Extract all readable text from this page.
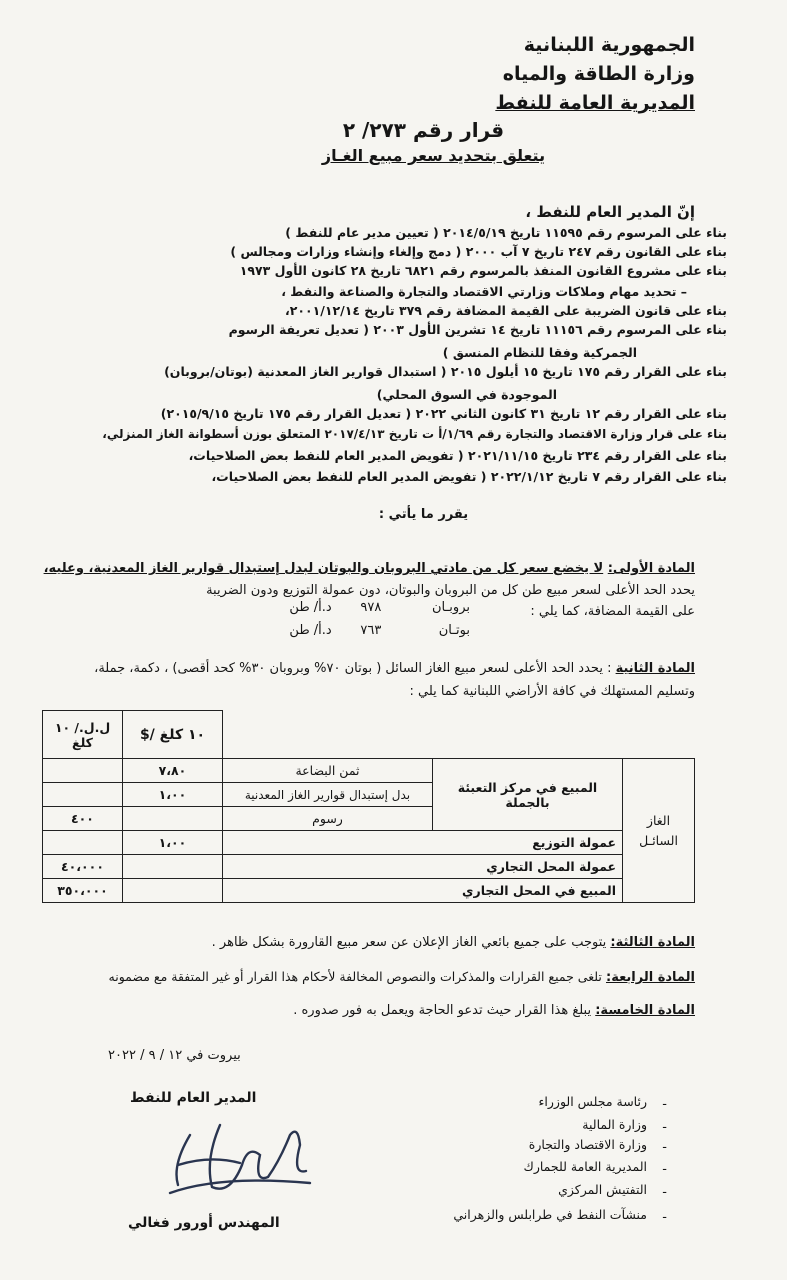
الجمهورية اللبنانية
وزارة الطاقة والمياه
المديرية العامة للنفط
قرار رقم ٢٧٣/ ٢
يتعلق بتحديد سعر مبيع الغـاز
إنّ المدير العام للنفط ،
بناء على المرسوم رقم ١١٥٩٥ تاريخ ٢٠١٤/٥/١٩ ( تعيين مدير عام للنفط )
بناء على القانون رقم ٢٤٧ تاريخ ٧ آب ٢٠٠٠ ( دمج وإلغاء وإنشاء وزارات ومجالس )
بناء على مشروع القانون المنفذ بالمرسوم رقم ٦٨٢١ تاريخ ٢٨ كانون الأول ١٩٧٣
– تحديد مهام وملاكات وزارتي الاقتصاد والتجارة والصناعة والنفط ،
بناء على قانون الضريبة على القيمة المضافة رقم ٣٧٩ تاريخ ٢٠٠١/١٢/١٤،
بناء على المرسوم رقم ١١١٥٦ تاريخ ١٤ تشرين الأول ٢٠٠٣ ( تعديل تعريفة الرسوم
الجمركية وفقا للنظام المنسق )
بناء على القرار رقم ١٧٥ تاريخ ١٥ أيلول ٢٠١٥ ( استبدال قوارير الغاز المعدنية (بوتان/بروبان)
الموجودة في السوق المحلي)
بناء على القرار رقم ١٢ تاريخ ٣١ كانون الثاني ٢٠٢٢ ( تعديل القرار رقم ١٧٥ تاريخ ٢٠١٥/٩/١٥)
بناء على قرار وزارة الاقتصاد والتجارة رقم ١/٦٩/أ ت تاريخ ٢٠١٧/٤/١٣ المتعلق بوزن أسطوانة الغاز المنزلي،
بناء على القرار رقم ٢٣٤ تاريخ ٢٠٢١/١١/١٥ ( تفويض المدير العام للنفط بعض الصلاحيات،
بناء على القرار رقم ٧ تاريخ ٢٠٢٢/١/١٢ ( تفويض المدير العام للنفط بعض الصلاحيات،
يقرر ما يأتي :
المادة الأولى: لا يخضع سعر كل من مادتي البروبان والبوتان لبدل إستبدال قوارير الغاز المعدنية، وعليه،
يحدد الحد الأعلى لسعر مبيع طن كل من البروبان والبوتان، دون عمولة التوزيع ودون الضريبة
على القيمة المضافة، كما يلي :
بروبـان ٩٧٨ د.أ/ طن
بوتـان ٧٦٣ د.أ/ طن
المادة الثانية : يحدد الحد الأعلى لسعر مبيع الغاز السائل ( بوتان ٧٠% وبروبان ٣٠% كحد أقصى) ، دكمة، جملة،
وتسليم المستهلك في كافة الأراضي اللبنانية كما يلي :
ل.ل./ ١٠ كلغ	$/ ١٠ كلغ			
	٧،٨٠	ثمن البضاعة	المبيع في مركز التعبئة بالجملة	الغاز السائـل
	١،٠٠	بدل إستبدال قوارير الغاز المعدنية		
٤٠٠		رسوم		
	١،٠٠	عمولة التوزيع		
٤٠،٠٠٠		عمولة المحل التجاري		
٣٥٠،٠٠٠		المبيع في المحل التجاري		
المادة الثالثة: يتوجب على جميع بائعي الغاز الإعلان عن سعر مبيع القارورة بشكل ظاهر .
المادة الرابعة: تلغى جميع القرارات والمذكرات والنصوص المخالفة لأحكام هذا القرار أو غير المتفقة مع مضمونه
المادة الخامسة: يبلغ هذا القرار حيث تدعو الحاجة ويعمل به فور صدوره .
بيروت في ١٢ / ٩ / ٢٠٢٢
المدير العام للنفط
المهندس أورور فغالي
-
رئاسة مجلس الوزراء
-
وزارة المالية
-
وزارة الاقتصاد والتجارة
-
المديرية العامة للجمارك
-
التفتيش المركزي
-
منشآت النفط في طرابلس والزهراني
